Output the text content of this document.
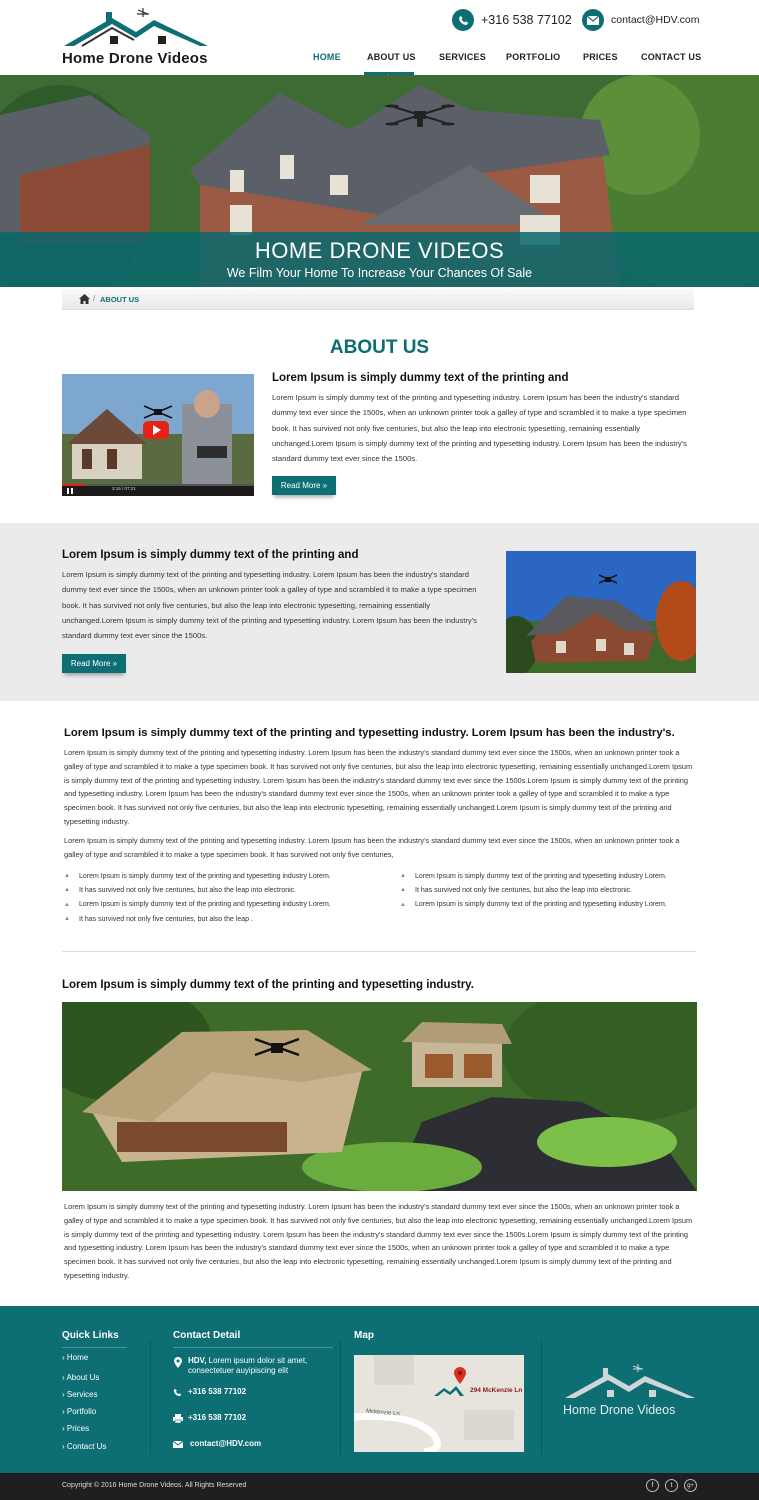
Home Drone Videos
+316 538 77102	contact@HDV.com
HOME	ABOUT US	SERVICES PORTFOLIO	PRICES	CONTACT US
HOME DRONE VIDEOS
We Film Your Home To Increase Your Chances Of Sale
/ ABOUT US
ABOUT US
3:16 / 07:21
Lorem Ipsum is simply dummy text of the printing and
Lorem Ipsum is simply dummy text of the printing and typesetting industry. Lorem Ipsum has been the industry's standard dummy text ever since the 1500s, when an unknown printer took a galley of type and scrambled it to make a type specimen book. It has survived not only five centuries, but also the leap into electronic typesetting, remaining essentially unchanged.Lorem Ipsum is simply dummy text of the printing and typesetting industry. Lorem Ipsum has been the industry's standard dummy text ever since the 1500s.
Read More »
Lorem Ipsum is simply dummy text of the printing and
Lorem Ipsum is simply dummy text of the printing and typesetting industry. Lorem Ipsum has been the industry's standard dummy text ever since the 1500s, when an unknown printer took a galley of type and scrambled it to make a type specimen book. It has survived not only five centuries, but also the leap into electronic typesetting, remaining essentially unchanged.Lorem Ipsum is simply dummy text of the printing and typesetting industry. Lorem Ipsum has been the industry's standard dummy text ever since the 1500s.
Read More »
Lorem Ipsum is simply dummy text of the printing and typesetting industry. Lorem Ipsum has been the industry's.
Lorem Ipsum is simply dummy text of the printing and typesetting industry. Lorem Ipsum has been the industry's standard dummy text ever since the 1500s, when an unknown printer took a galley of type and scrambled it to make a type specimen book. It has survived not only five centuries, but also the leap into electronic typesetting, remaining essentially unchanged.Lorem Ipsum is simply dummy text of the printing and typesetting industry. Lorem Ipsum has been the industry's standard dummy text ever since the 1500s.Lorem Ipsum is simply dummy text of the printing and typesetting industry. Lorem Ipsum has been the industry's standard dummy text ever since the 1500s, when an unknown printer took a galley of type and scrambled it to make a type specimen book. It has survived not only five centuries, but also the leap into electronic typesetting, remaining essentially unchanged.Lorem Ipsum is simply dummy text of the printing and typesetting industry.
Lorem Ipsum is simply dummy text of the printing and typesetting industry. Lorem Ipsum has been the industry's standard dummy text ever since the 1500s, when an unknown printer took a galley of type and scrambled it to make a type specimen book. It has survived not only five centuries,
▲	Lorem Ipsum is simply dummy text of the printing and typesetting industry Lorem.
▲	It has survived not only five centuries, but also the leap into electronic.
▲	Lorem Ipsum is simply dummy text of the printing and typesetting industry Lorem.
▲	It has survived not only five centuries, but also the leap .
▲	Lorem Ipsum is simply dummy text of the printing and typesetting industry Lorem.
▲	It has survived not only five centuries, but also the leap into electronic.
▲	Lorem Ipsum is simply dummy text of the printing and typesetting industry Lorem.
Lorem Ipsum is simply dummy text of the printing and typesetting industry.
Lorem Ipsum is simply dummy text of the printing and typesetting industry. Lorem Ipsum has been the industry's standard dummy text ever since the 1500s, when an unknown printer took a galley of type and scrambled it to make a type specimen book. It has survived not only five centuries, but also the leap into electronic typesetting, remaining essentially unchanged.Lorem Ipsum is simply dummy text of the printing and typesetting industry. Lorem Ipsum has been the industry's standard dummy text ever since the 1500s.Lorem Ipsum is simply dummy text of the printing and typesetting industry. Lorem Ipsum has been the industry's standard dummy text ever since the 1500s, when an unknown printer took a galley of type and scrambled it to make a type specimen book. It has survived not only five centuries, but also the leap into electronic typesetting, remaining essentially unchanged.Lorem Ipsum is simply dummy text of the printing and typesetting industry.
Quick Links
› Home
› About Us
› Services
› Portfolio
› Prices
› Contact Us
Contact Detail
HDV, Lorem ipsum dolor sit amet, consectetuer auyipiscing elit
+316 538 77102
+316 538 77102
contact@HDV.com
Map
294 McKenzie Ln
Mckenzie Ln	Home Drone Videos
Copyright © 2016 Home Drone Videos. All Rights Reserved	f	t	g+
